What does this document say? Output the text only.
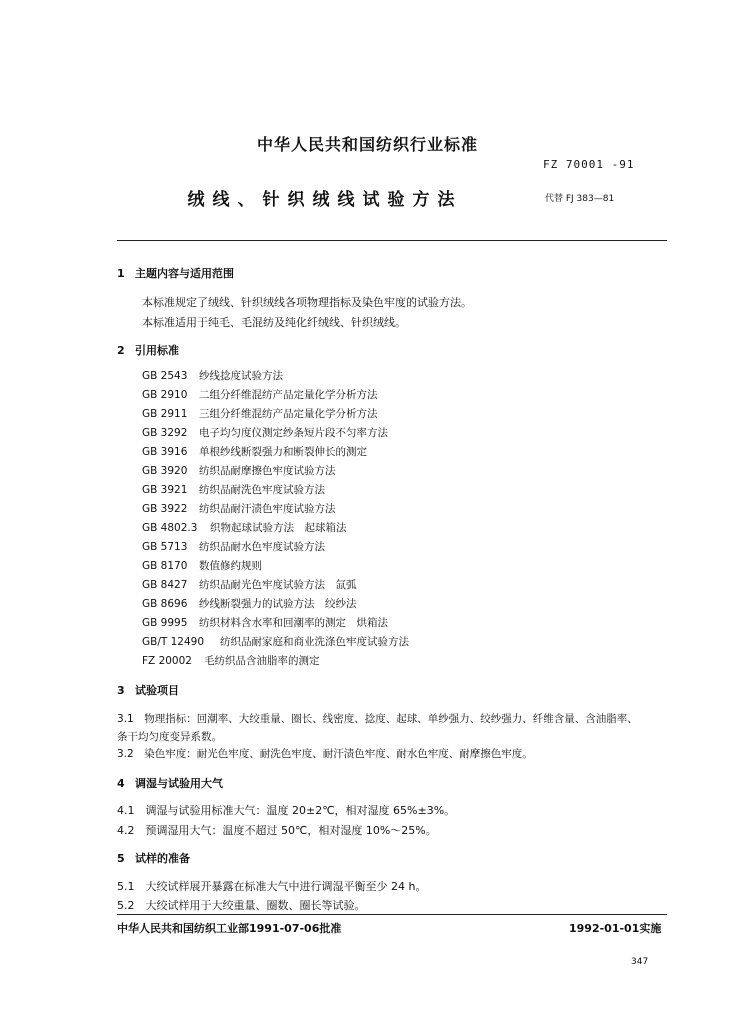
中华人民共和国纺织行业标准
FZ 70001 -91
绒线、针织绒线试验方法	代替 FJ 383—81
1 主题内容与适用范围
本标准规定了绒线、针织绒线各项物理指标及染色牢度的试验方法。
本标准适用于纯毛、毛混纺及纯化纤绒线、针织绒线。
2 引用标准
GB 2543 纱线捻度试验方法
GB 2910 二组分纤维混纺产品定量化学分析方法
GB 2911 三组分纤维混纺产品定量化学分析方法
GB 3292 电子均匀度仪测定纱条短片段不匀率方法
GB 3916 单根纱线断裂强力和断裂伸长的测定
GB 3920 纺织品耐摩擦色牢度试验方法
GB 3921 纺织品耐洗色牢度试验方法
GB 3922 纺织品耐汗渍色牢度试验方法
GB 4802.3 织物起球试验方法　起球箱法
GB 5713 纺织品耐水色牢度试验方法
GB 8170 数值修约规则
GB 8427 纺织品耐光色牢度试验方法　氙弧
GB 8696 纱线断裂强力的试验方法　绞纱法
GB 9995 纺织材料含水率和回潮率的测定　烘箱法
GB/T 12490 纺织品耐家庭和商业洗涤色牢度试验方法
FZ 20002 毛纺织品含油脂率的测定
3 试验项目
3.1　物理指标：回潮率、大绞重量、圈长、线密度、捻度、起球、单纱强力、绞纱强力、纤维含量、含油脂率、
条干均匀度变异系数。
3.2　染色牢度：耐光色牢度、耐洗色牢度、耐汗渍色牢度、耐水色牢度、耐摩擦色牢度。
4 调湿与试验用大气
4.1　调湿与试验用标准大气：温度 20±2℃，相对湿度 65%±3%。
4.2　预调湿用大气：温度不超过 50℃，相对湿度 10%～25%。
5 试样的准备
5.1　大绞试样展开暴露在标准大气中进行调湿平衡至少 24 h。
5.2　大绞试样用于大绞重量、圈数、圈长等试验。
中华人民共和国纺织工业部1991-07-06批准	1992-01-01实施
347
